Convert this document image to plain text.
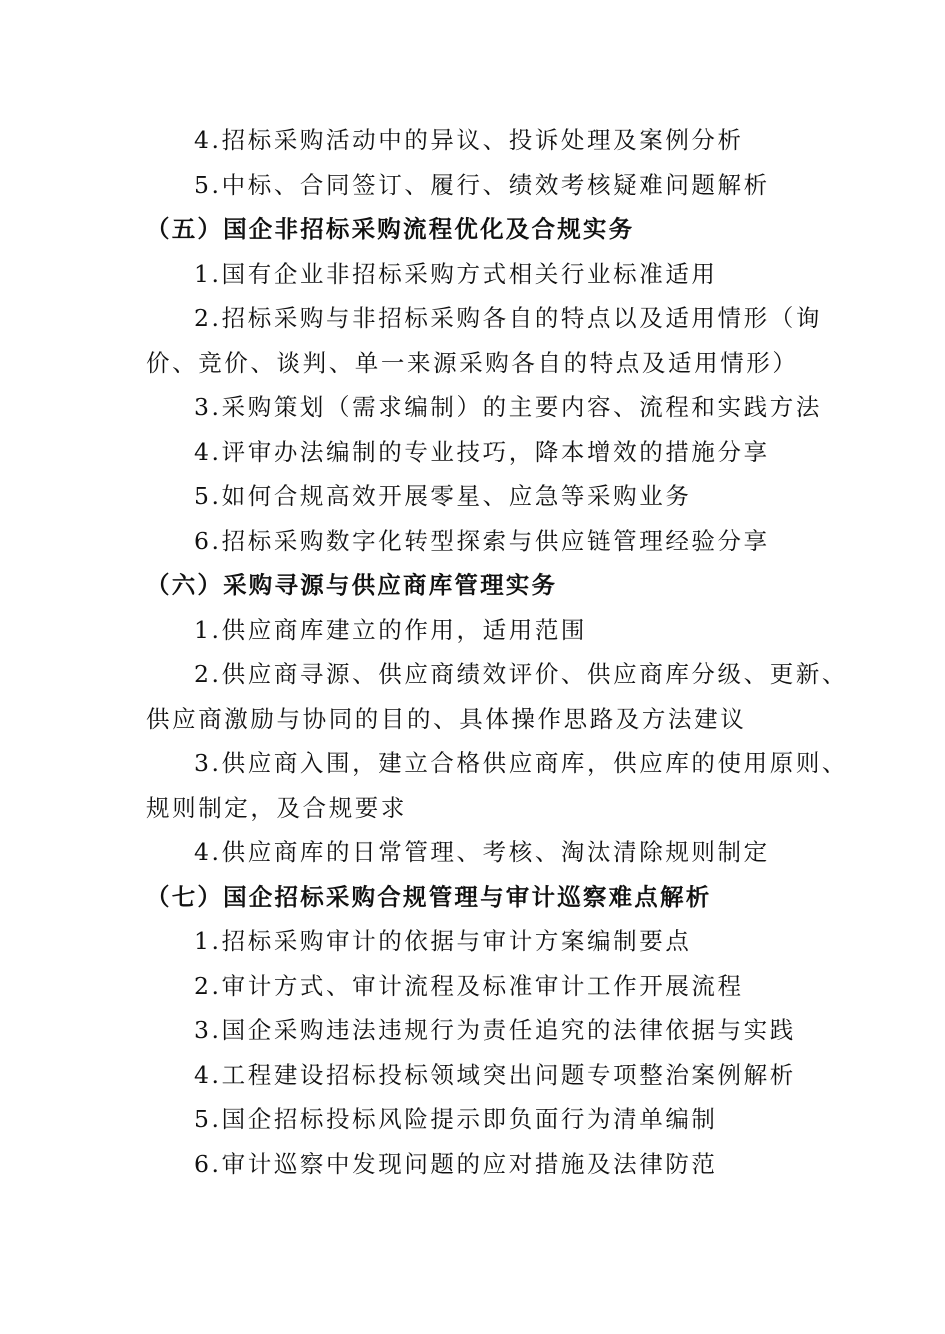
4.招标采购活动中的异议、投诉处理及案例分析
5.中标、合同签订、履行、绩效考核疑难问题解析
（五）国企非招标采购流程优化及合规实务
1.国有企业非招标采购方式相关行业标准适用
2.招标采购与非招标采购各自的特点以及适用情形（询
价、竞价、谈判、单一来源采购各自的特点及适用情形）
3.采购策划（需求编制）的主要内容、流程和实践方法
4.评审办法编制的专业技巧，降本增效的措施分享
5.如何合规高效开展零星、应急等采购业务
6.招标采购数字化转型探索与供应链管理经验分享
（六）采购寻源与供应商库管理实务
1.供应商库建立的作用，适用范围
2.供应商寻源、供应商绩效评价、供应商库分级、更新、
供应商激励与协同的目的、具体操作思路及方法建议
3.供应商入围，建立合格供应商库，供应库的使用原则、
规则制定，及合规要求
4.供应商库的日常管理、考核、淘汰清除规则制定
（七）国企招标采购合规管理与审计巡察难点解析
1.招标采购审计的依据与审计方案编制要点
2.审计方式、审计流程及标准审计工作开展流程
3.国企采购违法违规行为责任追究的法律依据与实践
4.工程建设招标投标领域突出问题专项整治案例解析
5.国企招标投标风险提示即负面行为清单编制
6.审计巡察中发现问题的应对措施及法律防范
